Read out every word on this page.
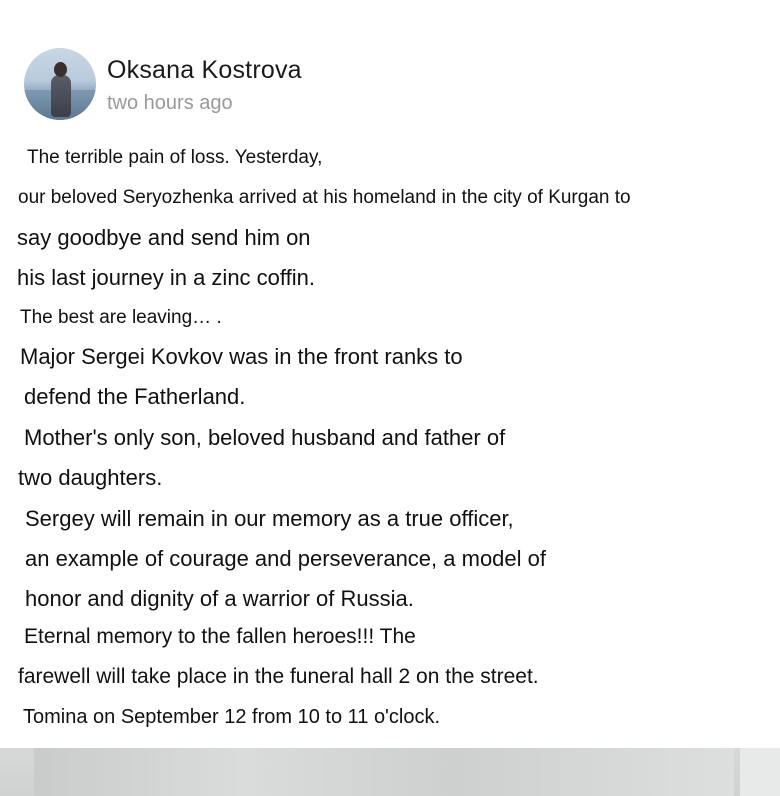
Oksana Kostrova
two hours ago
The terrible pain of loss. Yesterday,
our beloved Seryozhenka arrived at his homeland in the city of Kurgan to
say goodbye and send him on
his last journey in a zinc coffin.
The best are leaving… .
Major Sergei Kovkov was in the front ranks to
defend the Fatherland.
Mother's only son, beloved husband and father of
two daughters.
Sergey will remain in our memory as a true officer,
an example of courage and perseverance, a model of
honor and dignity of a warrior of Russia.
Eternal memory to the fallen heroes!!! The
farewell will take place in the funeral hall 2 on the street.
Tomina on September 12 from 10 to 11 o'clock.
